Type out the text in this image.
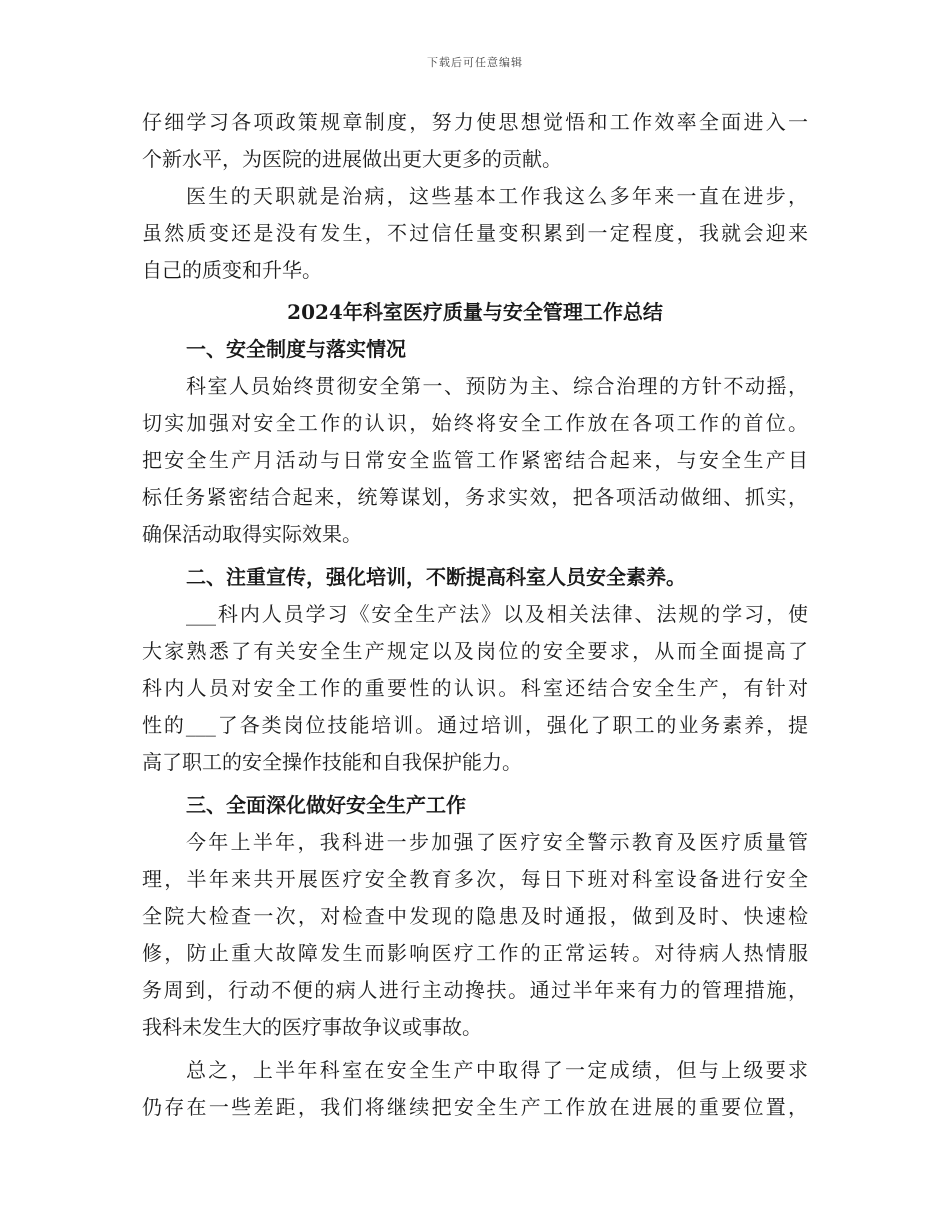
下载后可任意编辑
仔细学习各项政策规章制度，努力使思想觉悟和工作效率全面进入一
个新水平，为医院的进展做出更大更多的贡献。
医生的天职就是治病，这些基本工作我这么多年来一直在进步，
虽然质变还是没有发生，不过信任量变积累到一定程度，我就会迎来
自己的质变和升华。
2024年科室医疗质量与安全管理工作总结
一、安全制度与落实情况
科室人员始终贯彻安全第一、预防为主、综合治理的方针不动摇，
切实加强对安全工作的认识，始终将安全工作放在各项工作的首位。
把安全生产月活动与日常安全监管工作紧密结合起来，与安全生产目
标任务紧密结合起来，统筹谋划，务求实效，把各项活动做细、抓实，
确保活动取得实际效果。
二、注重宣传，强化培训，不断提高科室人员安全素养。
___科内人员学习《安全生产法》以及相关法律、法规的学习，使
大家熟悉了有关安全生产规定以及岗位的安全要求，从而全面提高了
科内人员对安全工作的重要性的认识。科室还结合安全生产，有针对
性的___了各类岗位技能培训。通过培训，强化了职工的业务素养，提
高了职工的安全操作技能和自我保护能力。
三、全面深化做好安全生产工作
今年上半年，我科进一步加强了医疗安全警示教育及医疗质量管
理，半年来共开展医疗安全教育多次，每日下班对科室设备进行安全
全院大检查一次，对检查中发现的隐患及时通报，做到及时、快速检
修，防止重大故障发生而影响医疗工作的正常运转。对待病人热情服
务周到，行动不便的病人进行主动搀扶。通过半年来有力的管理措施，
我科未发生大的医疗事故争议或事故。
总之，上半年科室在安全生产中取得了一定成绩，但与上级要求
仍存在一些差距，我们将继续把安全生产工作放在进展的重要位置，
